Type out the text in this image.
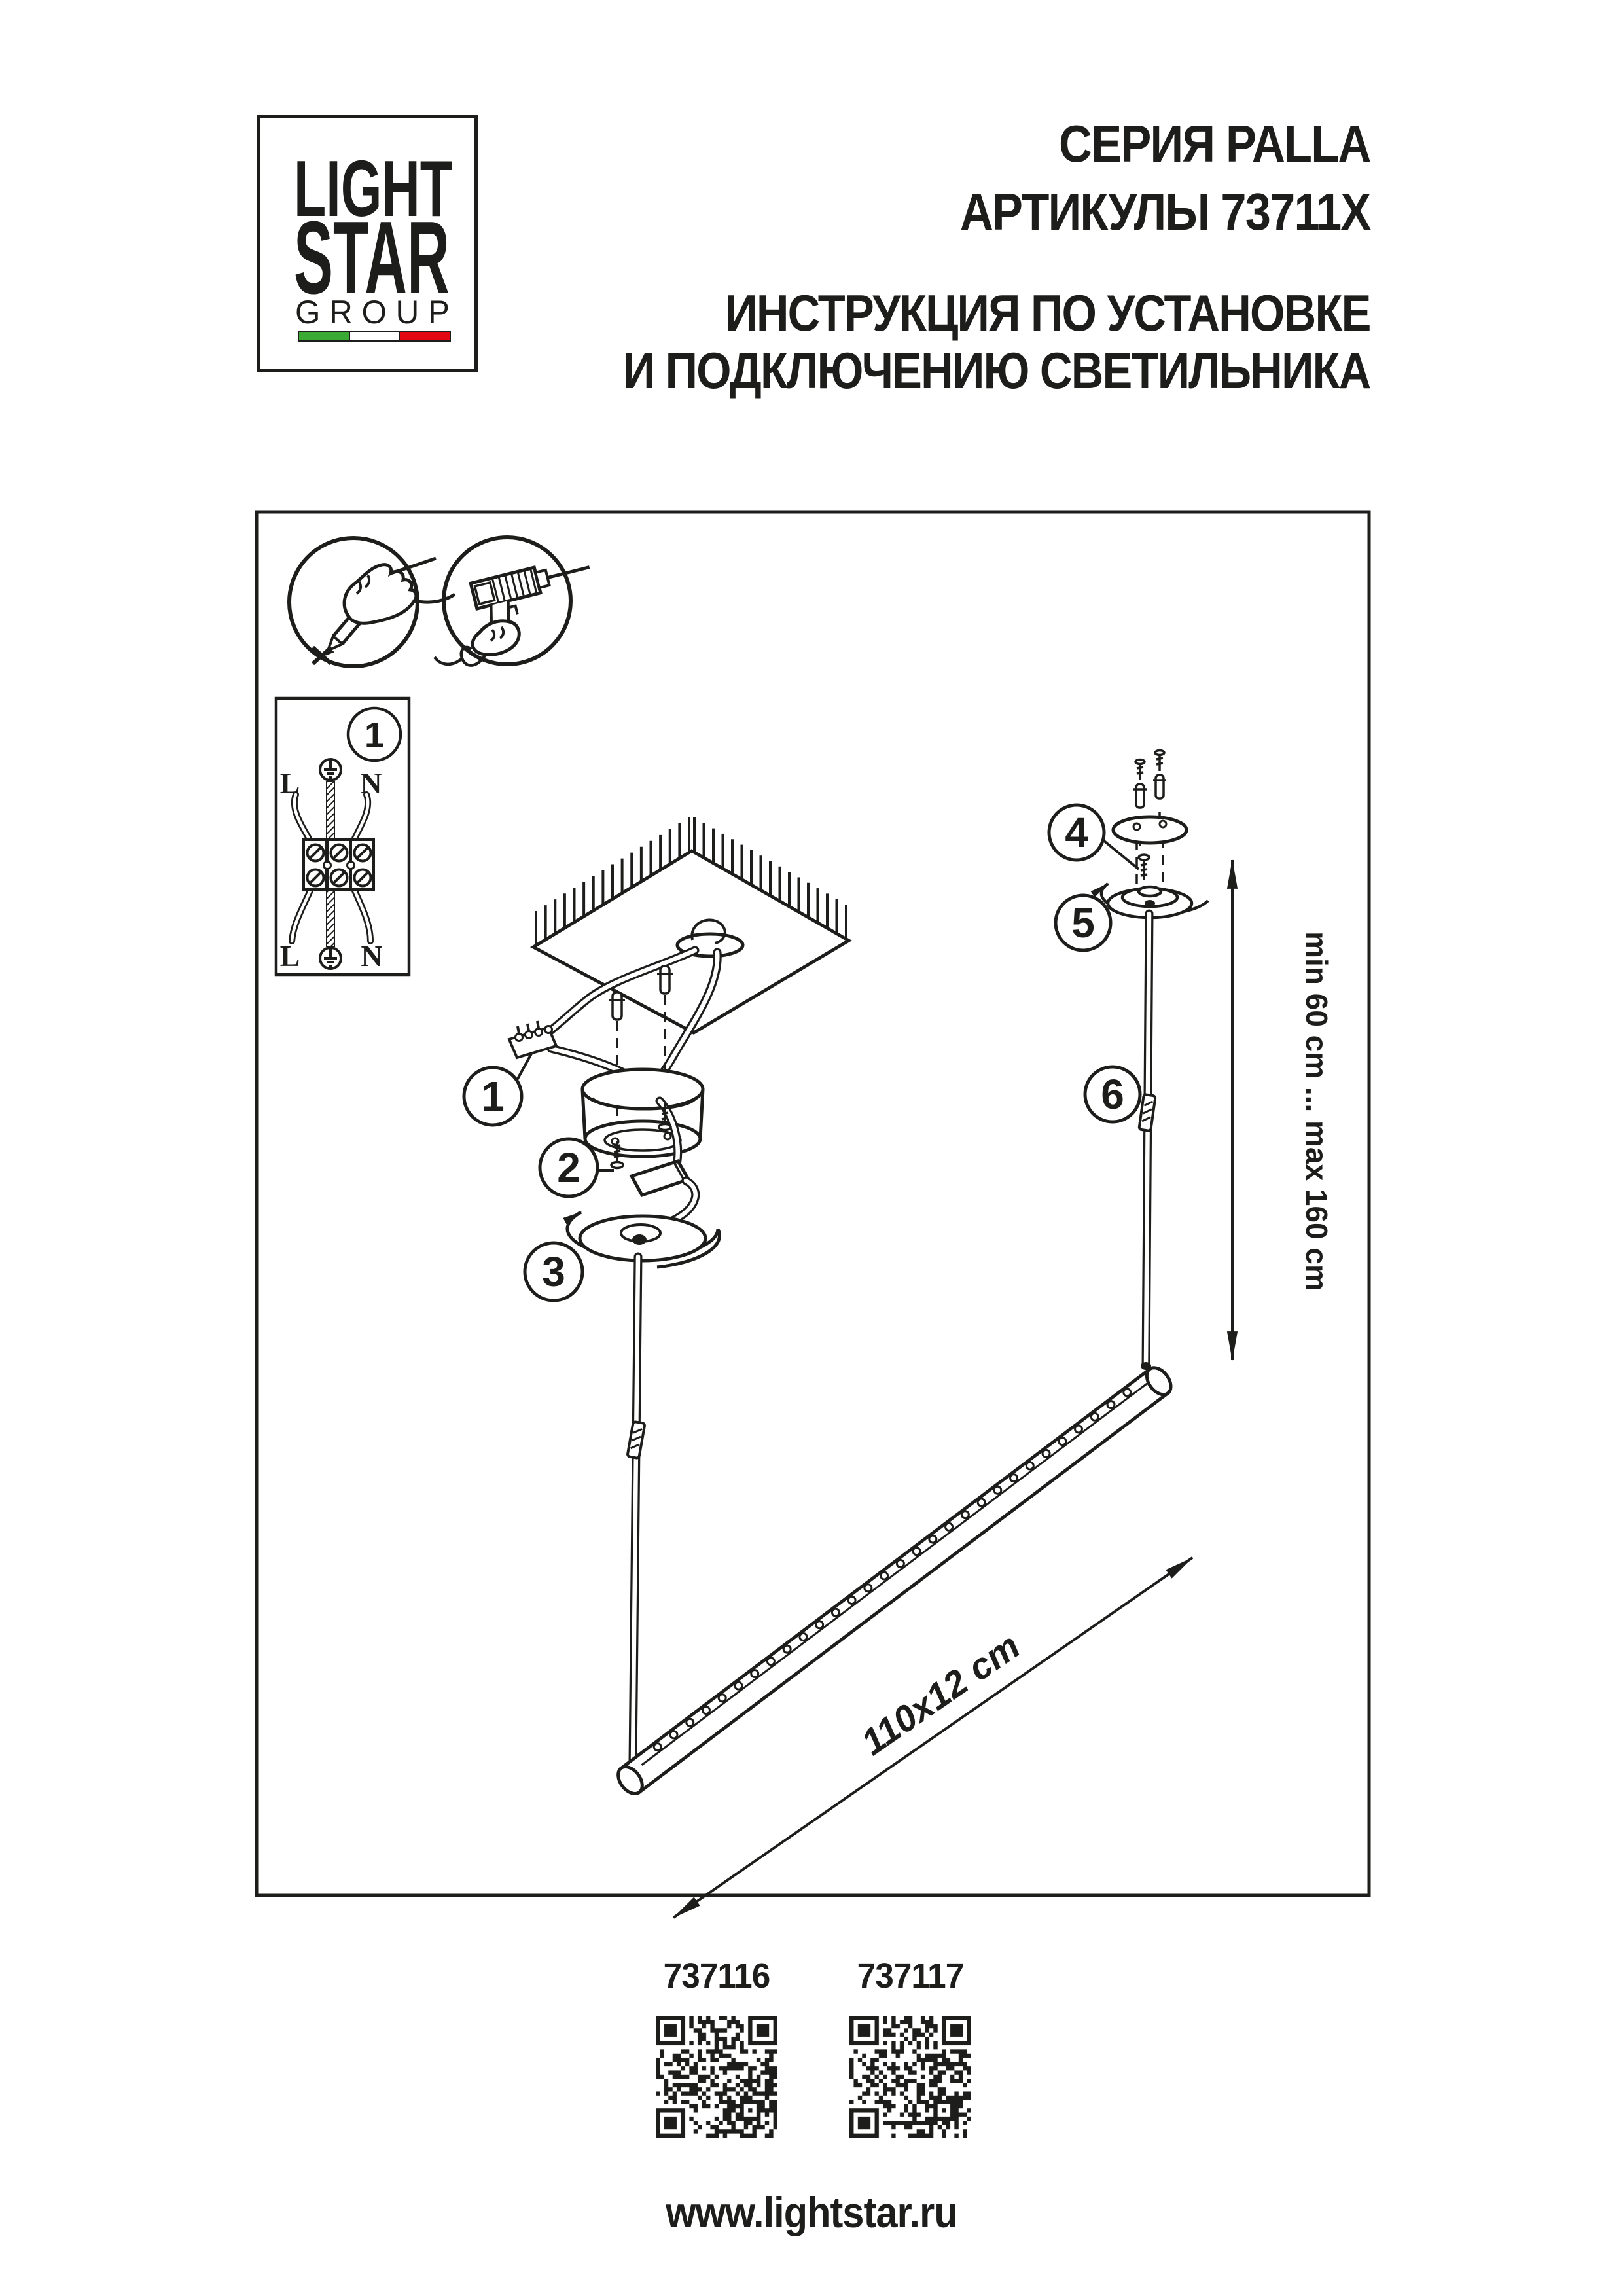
LIGHT
STAR
G R O U P
СЕРИЯ PALLA
АРТИКУЛЫ 73711X
ИНСТРУКЦИЯ ПО УСТАНОВКЕ
И ПОДКЛЮЧЕНИЮ СВЕТИЛЬНИКА
1
L N
L N	min 60 cm ... max 160 cm
110x12 cm
1
2
3
4
5
6
737116 737117
www.lightstar.ru
